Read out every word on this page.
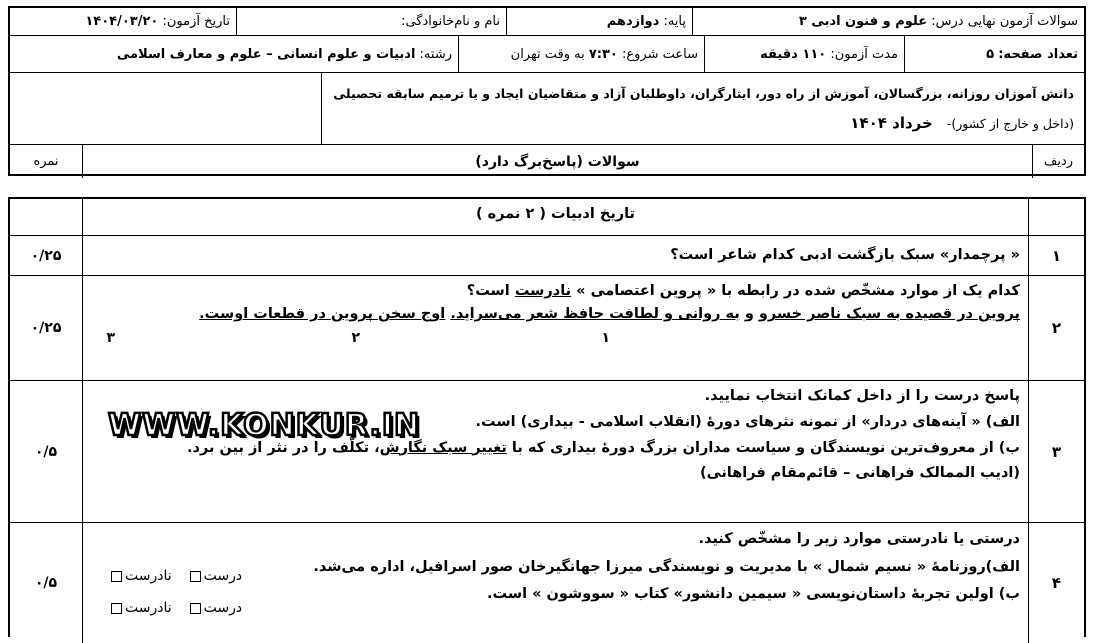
سوالات آزمون نهایی درس:

علوم و فنون ادبی ۳
پایه:

دوازدهم
نام و نام‌خانوادگی:
تاریخ آزمون:

۱۴۰۴/۰۳/۲۰
تعداد صفحه:

۵
مدت آزمون:

۱۱۰ دقیقه
ساعت شروع:

۷:۳۰

به وقت تهران
رشته:

ادبیات و علوم انسانی – علوم و معارف اسلامی
دانش آموزان روزانه، بزرگسالان، آموزش از راه دور، ایثارگران، داوطلبان آزاد و متقاضیان ایجاد و یا ترمیم سابقه تحصیلی
(داخل و خارج از کشور)-
خرداد ۱۴۰۴
ردیف
سوالات (پاسخ‌برگ دارد)
نمره
تاریخ ادبیات ( ۲ نمره )
۱
« پرچمدار» سبک بازگشت ادبی کدام شاعر است؟
۰/۲۵
۲
کدام یک از موارد مشخّص شده در رابطه با « پروین اعتصامی » نادرست است؟
پروین در قصیده به سبک ناصر خسرو و به روانی و لطافت حافظ شعر می‌سراید. اوج سخن پروین در قطعات اوست.
۱
۲
۳
۰/۲۵
۳
پاسخ درست را از داخل کمانک انتخاب نمایید.
الف) « آینه‌های دردار» از نمونه نثرهای دورهٔ (انقلاب اسلامی - بیداری) است.
ب) از معروف‌ترین نویسندگان و سیاست مداران بزرگ دورهٔ بیداری که با تغییر سبک نگارش، تکلّف را در نثر از بین برد.
(ادیب الممالک فراهانی – قائم‌مقام فراهانی)
۰/۵
۴
درستی یا نادرستی موارد زیر را مشخّص کنید.
الف)روزنامهٔ « نسیم شمال » با مدیریت و نویسندگی میرزا جهانگیرخان صور اسرافیل، اداره می‌شد.
ب) اولین تجربهٔ داستان‌نویسی « سیمین دانشور» کتاب « سووشون » است.
درست
نادرست
درست
نادرست
۰/۵
WWW.KONKUR.IN
